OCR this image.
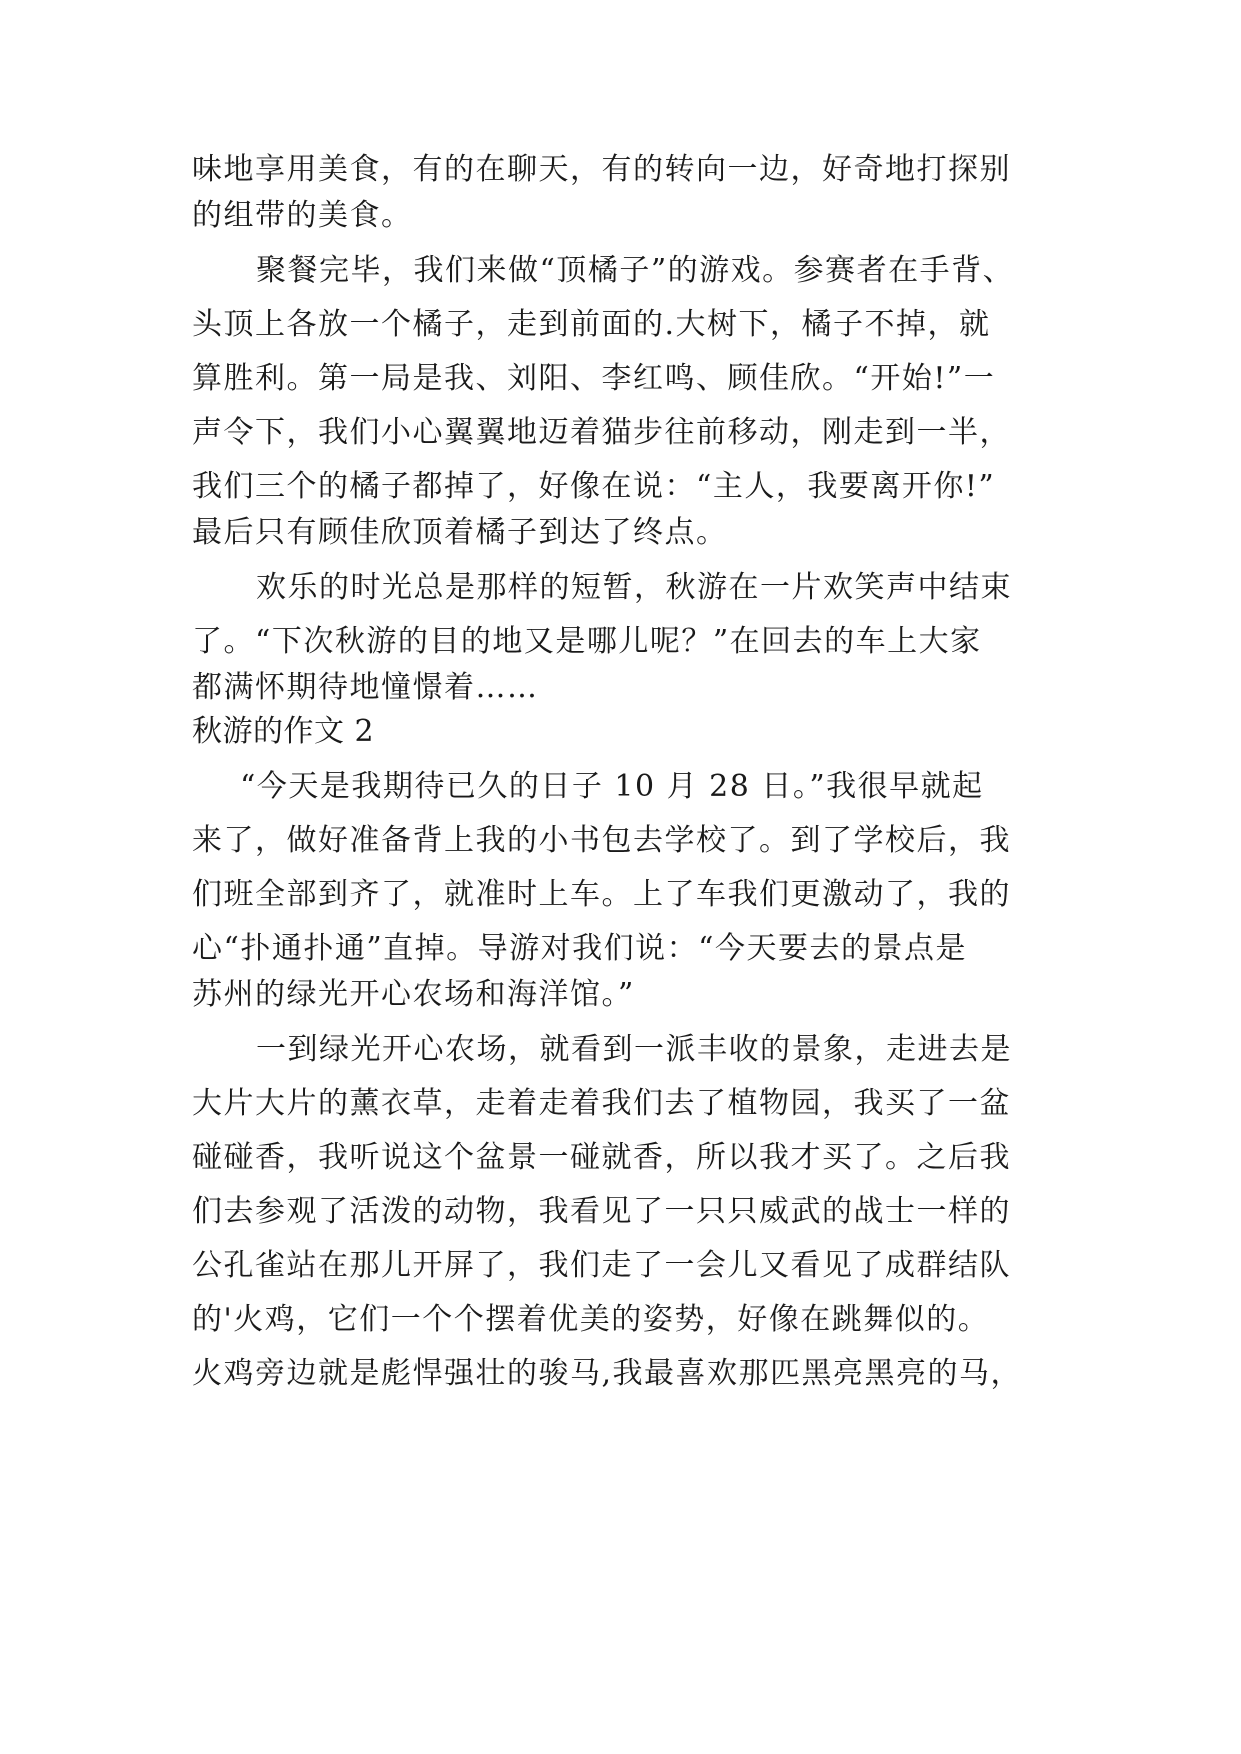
味地享用美食，有的在聊天，有的转向一边，好奇地打探别
的组带的美食。
聚餐完毕，我们来做“顶橘子”的游戏。参赛者在手背、
头顶上各放一个橘子，走到前面的.大树下，橘子不掉，就
算胜利。第一局是我、刘阳、李红鸣、顾佳欣。“开始!”一
声令下，我们小心翼翼地迈着猫步往前移动，刚走到一半，
我们三个的橘子都掉了，好像在说：“主人，我要离开你!”
最后只有顾佳欣顶着橘子到达了终点。
欢乐的时光总是那样的短暂，秋游在一片欢笑声中结束
了。“下次秋游的目的地又是哪儿呢？”在回去的车上大家
都满怀期待地憧憬着……
秋游的作文 2
“今天是我期待已久的日子 10 月 28 日。”我很早就起
来了，做好准备背上我的小书包去学校了。到了学校后，我
们班全部到齐了，就准时上车。上了车我们更激动了，我的
心“扑通扑通”直掉。导游对我们说：“今天要去的景点是
苏州的绿光开心农场和海洋馆。”
一到绿光开心农场，就看到一派丰收的景象，走进去是
大片大片的薰衣草，走着走着我们去了植物园，我买了一盆
碰碰香，我听说这个盆景一碰就香，所以我才买了。之后我
们去参观了活泼的动物，我看见了一只只威武的战士一样的
公孔雀站在那儿开屏了，我们走了一会儿又看见了成群结队
的'火鸡，它们一个个摆着优美的姿势，好像在跳舞似的。
火鸡旁边就是彪悍强壮的骏马,我最喜欢那匹黑亮黑亮的马，
